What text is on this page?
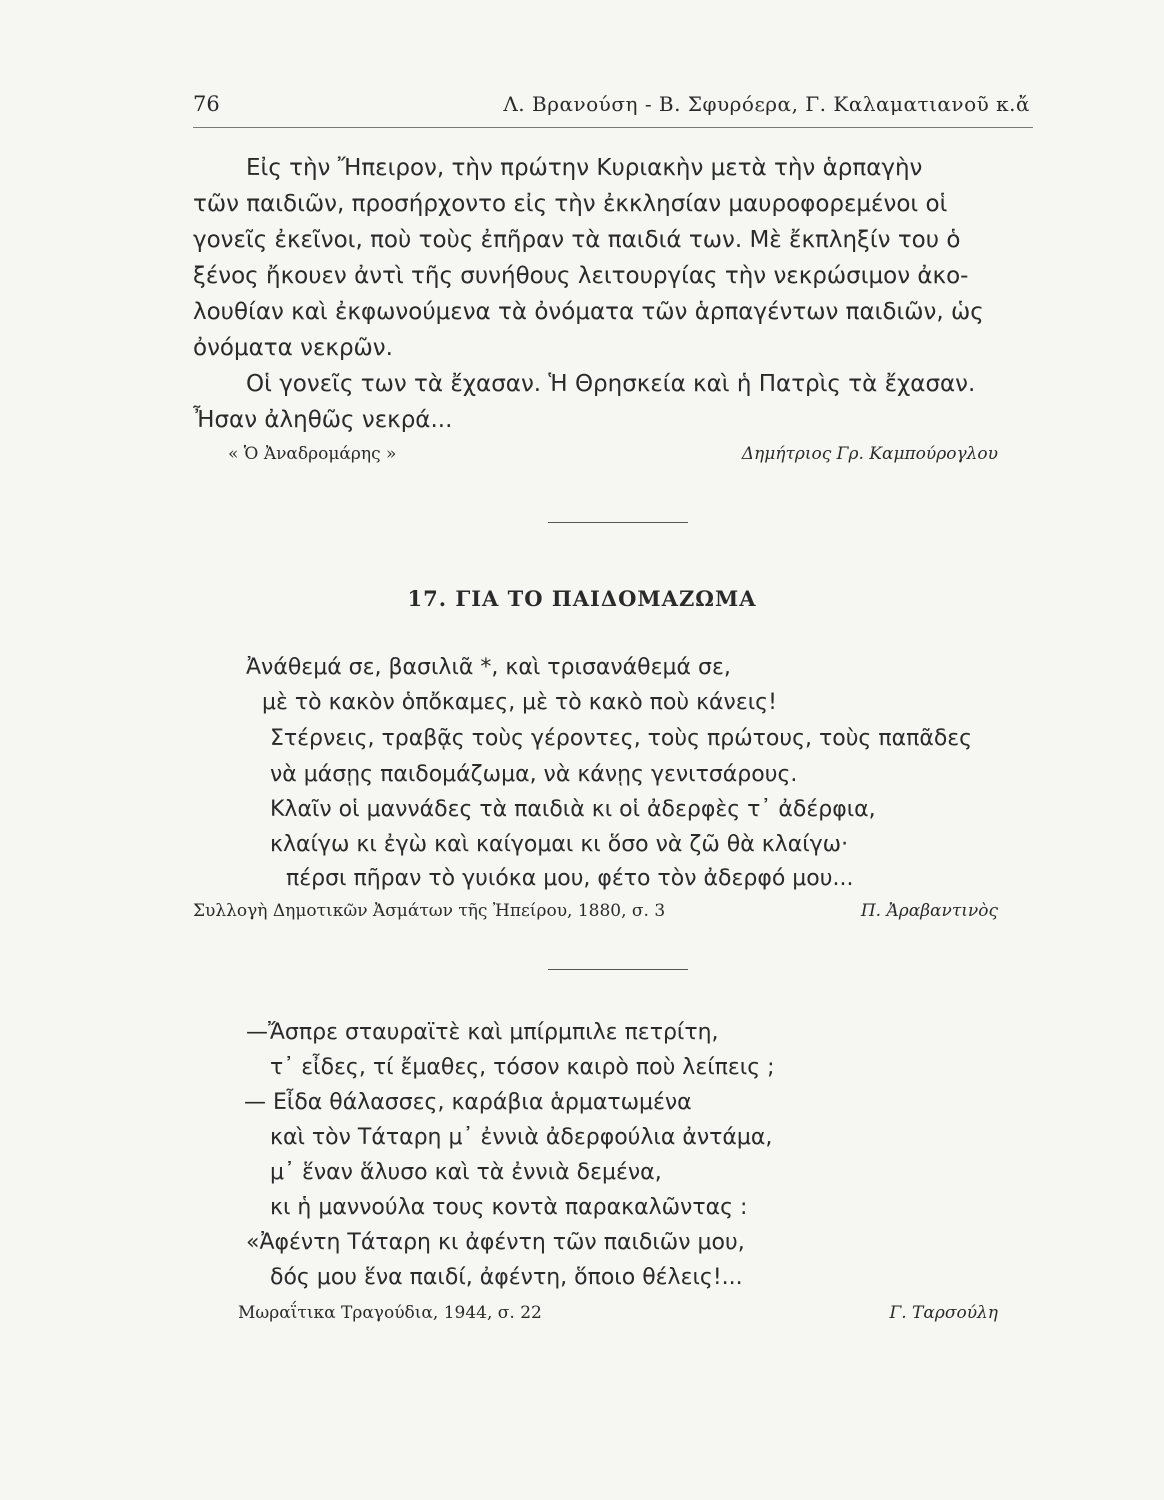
76	Λ. Βρανούση - Β. Σφυρόερα, Γ. Καλαματιανοῦ κ.ἄ
Εἰς τὴν Ἤπειρον, τὴν πρώτην Κυριακὴν μετὰ τὴν ἁρπαγὴν
τῶν παιδιῶν, προσήρχοντο εἰς τὴν ἐκκλησίαν μαυροφορεμένοι οἱ
γονεῖς ἐκεῖνοι, ποὺ τοὺς ἐπῆραν τὰ παιδιά των. Μὲ ἔκπληξίν του ὁ
ξένος ἤκουεν ἀντὶ τῆς συνήθους λειτουργίας τὴν νεκρώσιμον ἀκο-
λουθίαν καὶ ἐκφωνούμενα τὰ ὀνόματα τῶν ἁρπαγέντων παιδιῶν, ὡς
ὀνόματα νεκρῶν.
Οἱ γονεῖς των τὰ ἔχασαν. Ἡ Θρησκεία καὶ ἡ Πατρὶς τὰ ἔχασαν.
Ἦσαν ἀληθῶς νεκρά...
« Ὁ Ἀναδρομάρης »	Δημήτριος Γρ. Καμπούρογλου
17. ΓΙΑ ΤΟ ΠΑΙΔΟΜΑΖΩΜΑ
Ἀνάθεμά σε, βασιλιᾶ *, καὶ τρισανάθεμά σε,
μὲ τὸ κακὸν ὁπὄκαμες, μὲ τὸ κακὸ ποὺ κάνεις!
Στέρνεις, τραβᾷς τοὺς γέροντες, τοὺς πρώτους, τοὺς παπᾶδες
νὰ μάσῃς παιδομάζωμα, νὰ κάνῃς γενιτσάρους.
Κλαῖν οἱ μαννάδες τὰ παιδιὰ κι οἱ ἀδερφὲς τ᾽ ἀδέρφια,
κλαίγω κι ἐγὼ καὶ καίγομαι κι ὅσο νὰ ζῶ θὰ κλαίγω·
πέρσι πῆραν τὸ γυιόκα μου, φέτο τὸν ἀδερφό μου...
Συλλογὴ Δημοτικῶν Ἀσμάτων τῆς Ἠπείρου, 1880, σ. 3	Π. Ἀραβαντινὸς
—Ἄσπρε σταυραϊτὲ καὶ μπίρμπιλε πετρίτη,
τ᾽ εἶδες, τί ἔμαθες, τόσον καιρὸ ποὺ λείπεις ;
— Εἶδα θάλασσες, καράβια ἁρματωμένα
καὶ τὸν Τάταρη μ᾽ ἐννιὰ ἀδερφούλια ἀντάμα,
μ᾽ ἕναν ἅλυσο καὶ τὰ ἐννιὰ δεμένα,
κι ἡ μαννούλα τους κοντὰ παρακαλῶντας :
«Ἀφέντη Τάταρη κι ἀφέντη τῶν παιδιῶν μου,
δός μου ἕνα παιδί, ἀφέντη, ὅποιο θέλεις!...
Μωραΐτικα Τραγούδια, 1944, σ. 22	Γ. Ταρσούλη
